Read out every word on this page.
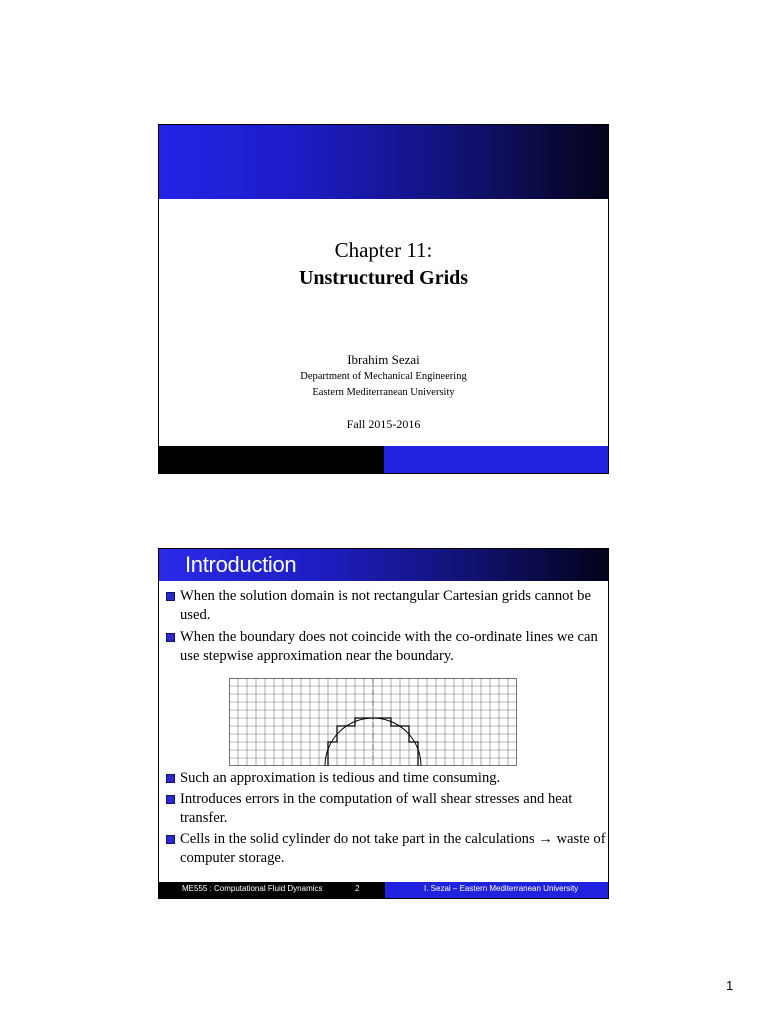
Chapter 11:
Unstructured Grids
Ibrahim Sezai
Department of Mechanical Engineering
Eastern Mediterranean University
Fall 2015-2016
Introduction
When the solution domain is not rectangular Cartesian grids cannot be used.
When the boundary does not coincide with the co-ordinate lines we can use stepwise approximation near the boundary.
Such an approximation is tedious and time consuming.
Introduces errors in the computation of wall shear stresses and heat transfer.
Cells in the solid cylinder do not take part in the calculations → waste of computer storage.
ME555 : Computational Fluid Dynamics	2	I. Sezai – Eastern Mediterranean University
1
